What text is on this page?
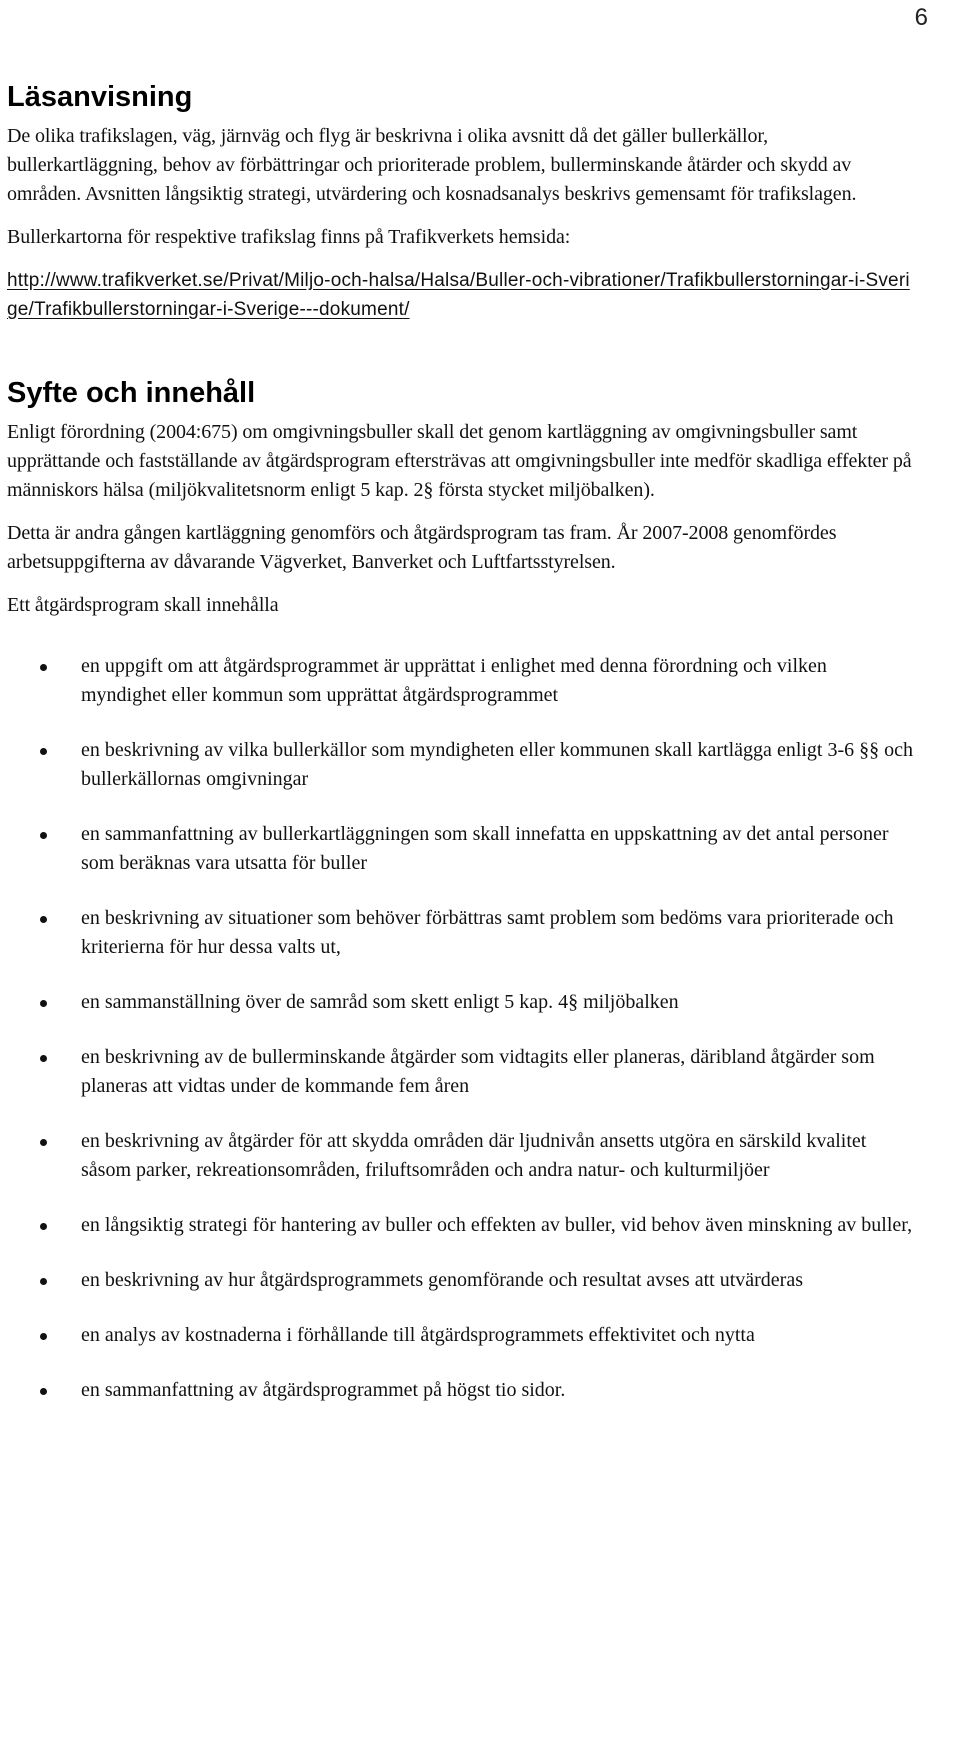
6
Läsanvisning

De olika trafikslagen, väg, järnväg och flyg är beskrivna i olika avsnitt då det gäller bullerkällor, bullerkartläggning, behov av förbättringar och prioriterade problem, bullerminskande åtärder och skydd av områden. Avsnitten långsiktig strategi, utvärdering och kosnadsanalys beskrivs gemensamt för trafikslagen.

Bullerkartorna för respektive trafikslag finns på Trafikverkets hemsida:

http://www.trafikverket.se/Privat/Miljo-och-halsa/Halsa/Buller-och-vibrationer/Trafikbullerstorningar-i-Sverige/Trafikbullerstorningar-i-Sverige---dokument/

Syfte och innehåll

Enligt förordning (2004:675) om omgivningsbuller skall det genom kartläggning av omgivningsbuller samt upprättande och fastställande av åtgärdsprogram eftersträvas att omgivningsbuller inte medför skadliga effekter på människors hälsa (miljökvalitetsnorm enligt 5 kap. 2§ första stycket miljöbalken).

Detta är andra gången kartläggning genomförs och åtgärdsprogram tas fram. År 2007-2008 genomfördes arbetsuppgifterna av dåvarande Vägverket, Banverket och Luftfartsstyrelsen.

Ett åtgärdsprogram skall innehålla

en uppgift om att åtgärdsprogrammet är upprättat i enlighet med denna förordning och vilken myndighet eller kommun som upprättat åtgärdsprogrammet
en beskrivning av vilka bullerkällor som myndigheten eller kommunen skall kartlägga enligt 3-6 §§ och bullerkällornas omgivningar
en sammanfattning av bullerkartläggningen som skall innefatta en uppskattning av det antal personer som beräknas vara utsatta för buller
en beskrivning av situationer som behöver förbättras samt problem som bedöms vara prioriterade och kriterierna för hur dessa valts ut,
en sammanställning över de samråd som skett enligt 5 kap. 4§ miljöbalken
en beskrivning av de bullerminskande åtgärder som vidtagits eller planeras, däribland åtgärder som planeras att vidtas under de kommande fem åren
en beskrivning av åtgärder för att skydda områden där ljudnivån ansetts utgöra en särskild kvalitet såsom parker, rekreationsområden, friluftsområden och andra natur- och kulturmiljöer
en långsiktig strategi för hantering av buller och effekten av buller, vid behov även minskning av buller,
en beskrivning av hur åtgärdsprogrammets genomförande och resultat avses att utvärderas
en analys av kostnaderna i förhållande till åtgärdsprogrammets effektivitet och nytta
en sammanfattning av åtgärdsprogrammet på högst tio sidor.
